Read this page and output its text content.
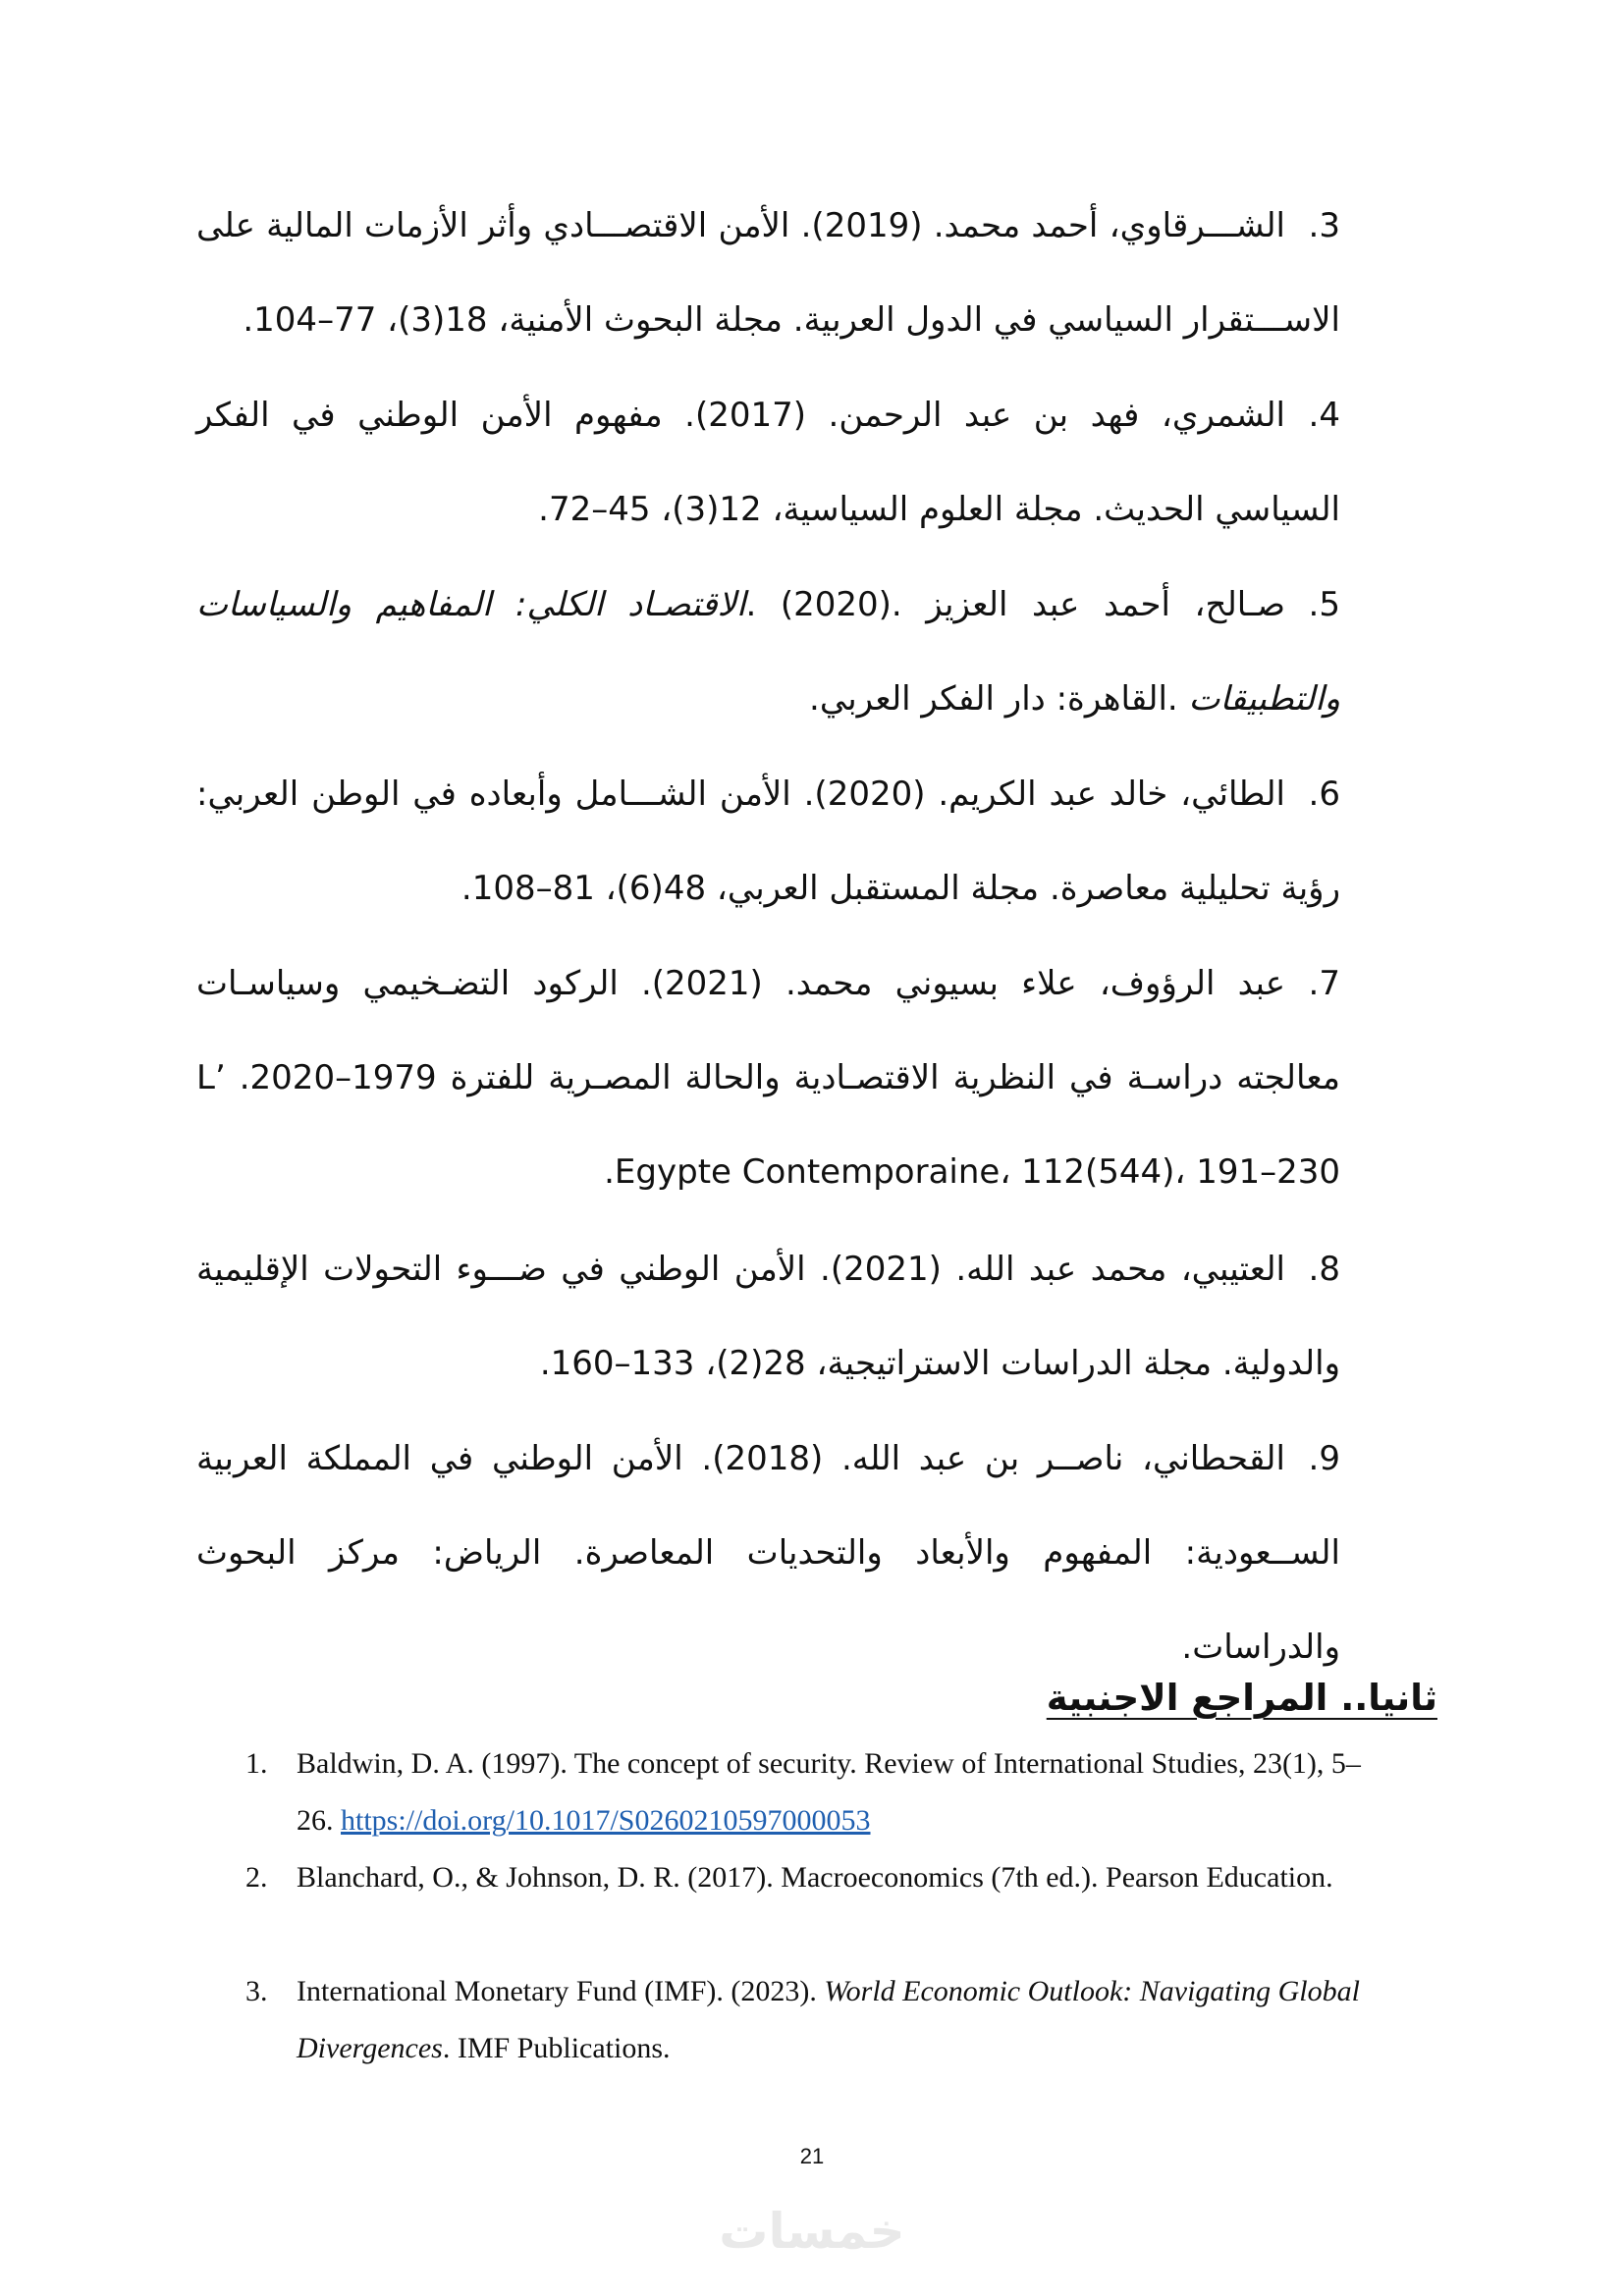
3.الشـــرقاوي، أحمد محمد. (2019). الأمن الاقتصـــادي وأثر الأزمات المالية على الاســـتقرار السياسي في الدول العربية. مجلة البحوث الأمنية، 18(3)، 77–104.

4.الشمري، فهد بن عبد الرحمن. (2017). مفهوم الأمن الوطني في الفكر السياسي الحديث. مجلة العلوم السياسية، 12(3)، 45–72.

5.صـالح، أحمد عبد العزيز .(2020) .الاقتصـاد الكلي: المفاهيم والسياسات والتطبيقات .القاهرة: دار الفكر العربي.

6.الطائي، خالد عبد الكريم. (2020). الأمن الشـــامل وأبعاده في الوطن العربي: رؤية تحليلية معاصرة. مجلة المستقبل العربي، 48(6)، 81–108.

7.عبد الرؤوف، علاء بسيوني محمد. (2021). الركود التضـخيمي وسياسـات معالجته دراسـة في النظرية الاقتصـادية والحالة المصـرية للفترة 1979–2020. L’ Egypte Contemporaine، 112(544)، 191–230.

8.العتيبي، محمد عبد الله. (2021). الأمن الوطني في ضـــوء التحولات الإقليمية والدولية. مجلة الدراسات الاستراتيجية، 28(2)، 133–160.

9.القحطاني، ناصــر بن عبد الله. (2018). الأمن الوطني في المملكة العربية الســعودية: المفهوم والأبعاد والتحديات المعاصرة. الرياض: مركز البحوث والدراسات.

ثانيا.. المراجع الاجنبية

1. Baldwin, D. A. (1997). The concept of security. Review of International Studies, 23(1), 5–26. https://doi.org/10.1017/S0260210597000053

2. Blanchard, O., & Johnson, D. R. (2017). Macroeconomics (7th ed.). Pearson Education.

3. International Monetary Fund (IMF). (2023). World Economic Outlook: Navigating Global Divergences. IMF Publications.

21

خمسات
